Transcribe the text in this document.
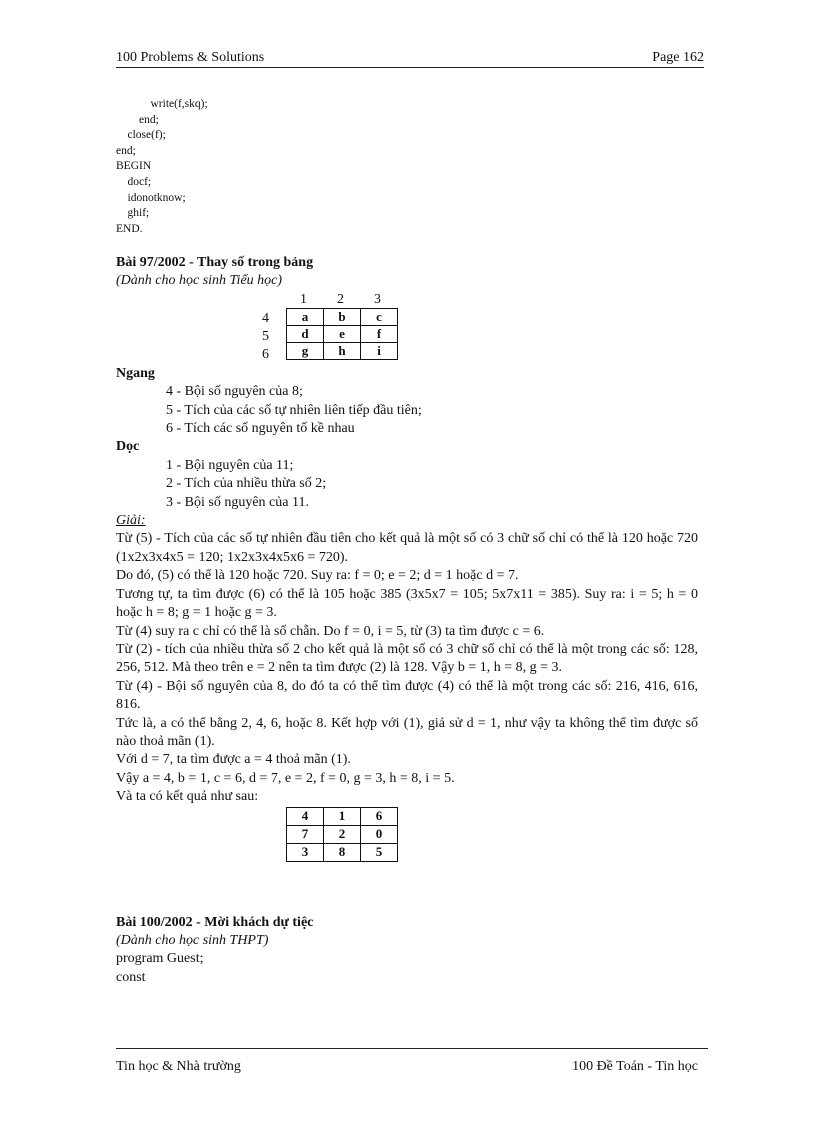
100 Problems & Solutions	Page 162
write(f,skq);
end;
close(f);
end;
BEGIN
docf;
idonotknow;
ghif;
END.

Bài 97/2002 - Thay số trong bảng

(Dành cho học sinh Tiểu học)

1 2 3
4
5
6
a	b	c
d	e	f
g	h	i

Ngang

4 - Bội số nguyên của 8;

5 - Tích của các số tự nhiên liên tiếp đầu tiên;

6 - Tích các số nguyên tố kề nhau

Dọc

1 - Bội nguyên của 11;

2 - Tích của nhiều thừa số 2;

3 - Bội số nguyên của 11.

Giải:

Từ (5) - Tích của các số tự nhiên đầu tiên cho kết quả là một số có 3 chữ số chỉ có thể là 120 hoặc 720 (1x2x3x4x5 = 120; 1x2x3x4x5x6 = 720).

Do đó, (5) có thể là 120 hoặc 720. Suy ra: f = 0; e = 2; d = 1 hoặc d = 7.

Tương tự, ta tìm được (6) có thể là 105 hoặc 385 (3x5x7 = 105; 5x7x11 = 385). Suy ra: i = 5; h = 0 hoặc h = 8; g = 1 hoặc g = 3.

Từ (4) suy ra c chỉ có thể là số chẵn. Do f = 0, i = 5, từ (3) ta tìm được c = 6.

Từ (2) - tích của nhiều thừa số 2 cho kết quả là một số có 3 chữ số chỉ có thể là một trong các số: 128, 256, 512. Mà theo trên e = 2 nên ta tìm được (2) là 128. Vậy b = 1, h = 8, g = 3.

Từ (4) - Bội số nguyên của 8, do đó ta có thể tìm được (4) có thể là một trong các số: 216, 416, 616, 816.

Tức là, a có thể bằng 2, 4, 6, hoặc 8. Kết hợp với (1), giả sử d = 1, như vậy ta không thể tìm được số nào thoả mãn (1).

Với d = 7, ta tìm được a = 4 thoả mãn (1).

Vậy a = 4, b = 1, c = 6, d = 7, e = 2, f = 0, g = 3, h = 8, i = 5.

Và ta có kết quả như sau:

4	1	6
7	2	0
3	8	5

Bài 100/2002 - Mời khách dự tiệc

(Dành cho học sinh THPT)

program Guest;

const

Tin học & Nhà trường	100 Đề Toán - Tin học
